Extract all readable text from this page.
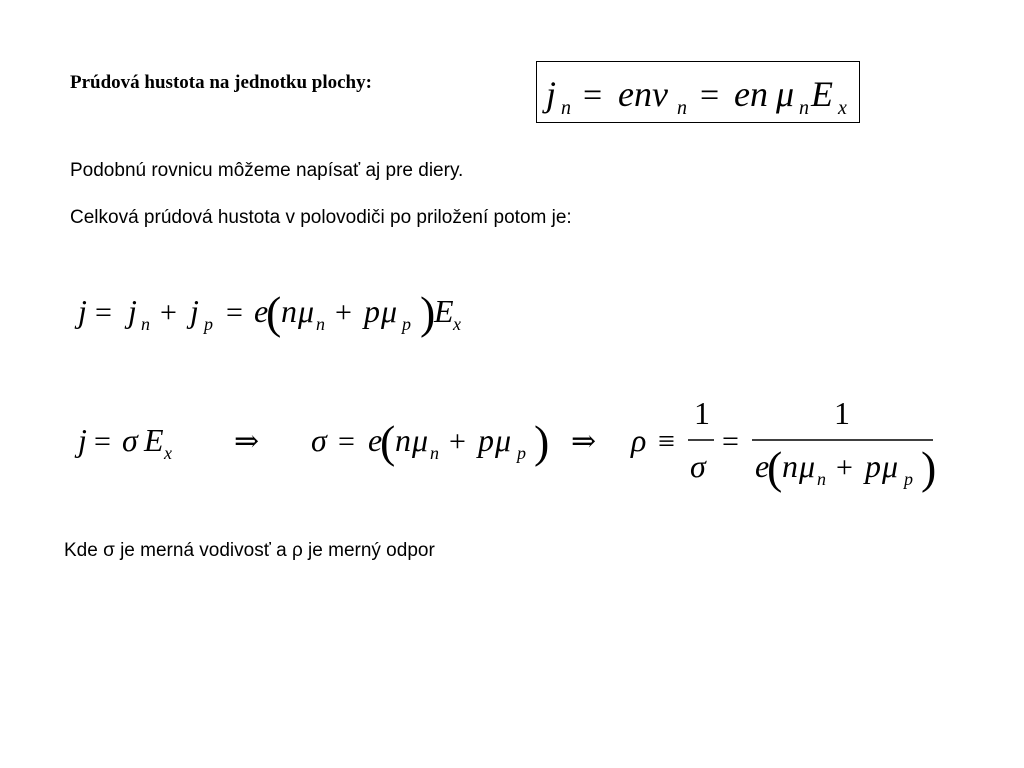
Prúdová hustota na jednotku plochy:
Podobnú rovnicu môžeme napísať aj pre diery.
Celková prúdová hustota v polovodiči po priložení potom je:
Kde σ je merná vodivosť a ρ je merný odpor
j n = env n = en μ n E x
j = j n + j p = e
( n μ n + p μ p )
E x
j = σ E x ⇒ σ = e
( n μ n + p μ p ) ⇒ ρ ≡
1
σ
=
1
e
( n μ n + p μ p )
